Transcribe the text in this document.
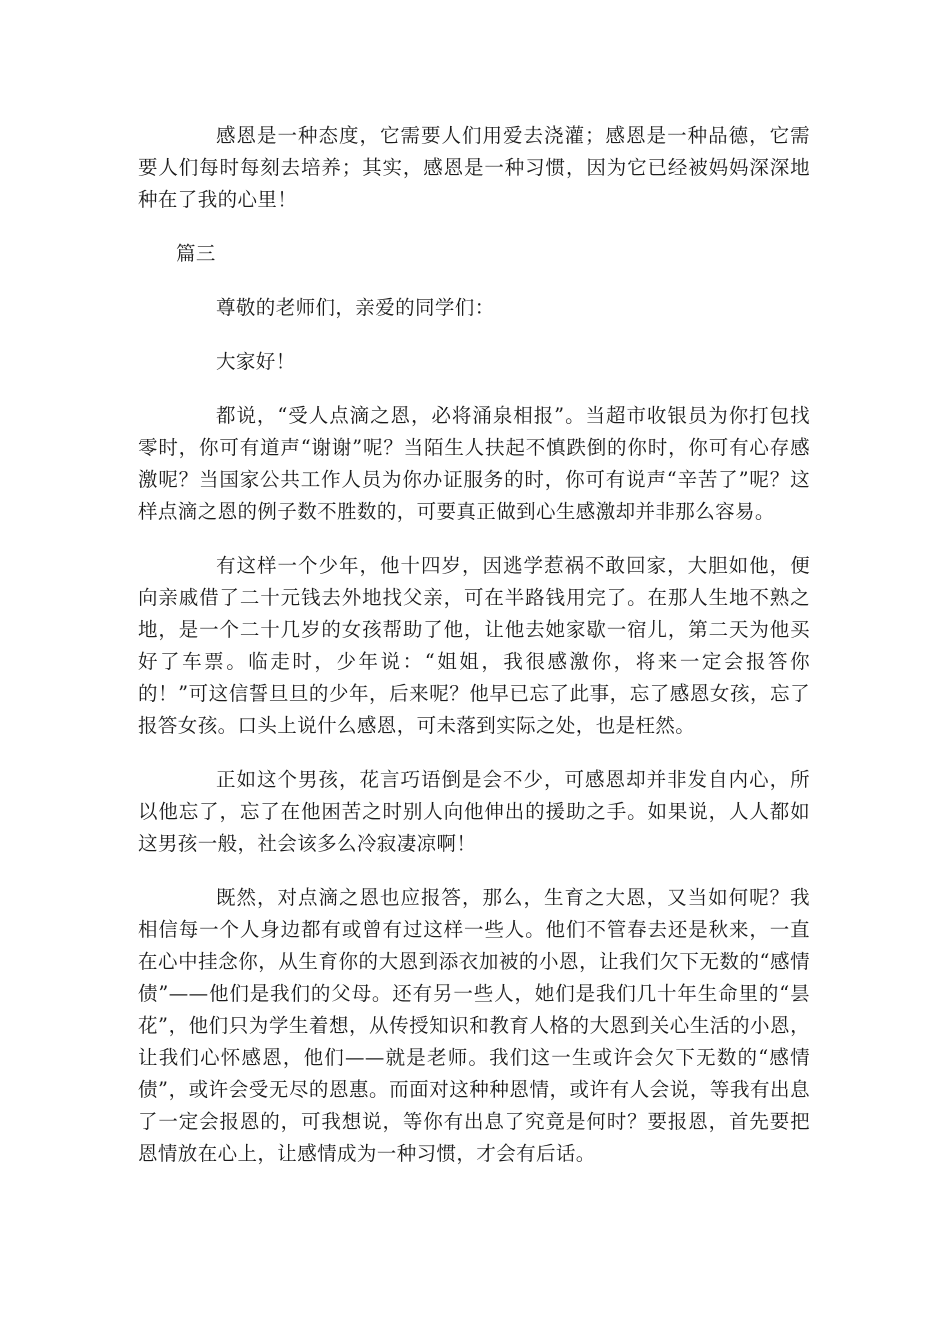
感恩是一种态度，它需要人们用爱去浇灌；感恩是一种品德，它需要人们每时每刻去培养；其实，感恩是一种习惯，因为它已经被妈妈深深地种在了我的心里！

篇三

尊敬的老师们，亲爱的同学们：

大家好！

都说，“受人点滴之恩，必将涌泉相报”。当超市收银员为你打包找零时，你可有道声“谢谢”呢？当陌生人扶起不慎跌倒的你时，你可有心存感激呢？当国家公共工作人员为你办证服务的时，你可有说声“辛苦了”呢？这样点滴之恩的例子数不胜数的，可要真正做到心生感激却并非那么容易。

有这样一个少年，他十四岁，因逃学惹祸不敢回家，大胆如他，便向亲戚借了二十元钱去外地找父亲，可在半路钱用完了。在那人生地不熟之地，是一个二十几岁的女孩帮助了他，让他去她家歇一宿儿，第二天为他买好了车票。临走时，少年说：“姐姐，我很感激你，将来一定会报答你的！”可这信誓旦旦的少年，后来呢？他早已忘了此事，忘了感恩女孩，忘了报答女孩。口头上说什么感恩，可未落到实际之处，也是枉然。

正如这个男孩，花言巧语倒是会不少，可感恩却并非发自内心，所以他忘了，忘了在他困苦之时别人向他伸出的援助之手。如果说，人人都如这男孩一般，社会该多么冷寂凄凉啊！

既然，对点滴之恩也应报答，那么，生育之大恩，又当如何呢？我相信每一个人身边都有或曾有过这样一些人。他们不管春去还是秋来，一直在心中挂念你，从生育你的大恩到添衣加被的小恩，让我们欠下无数的“感情债”——他们是我们的父母。还有另一些人，她们是我们几十年生命里的“昙花”，他们只为学生着想，从传授知识和教育人格的大恩到关心生活的小恩，让我们心怀感恩，他们——就是老师。我们这一生或许会欠下无数的“感情债”，或许会受无尽的恩惠。而面对这种种恩情，或许有人会说，等我有出息了一定会报恩的，可我想说，等你有出息了究竟是何时？要报恩，首先要把恩情放在心上，让感情成为一种习惯，才会有后话。
